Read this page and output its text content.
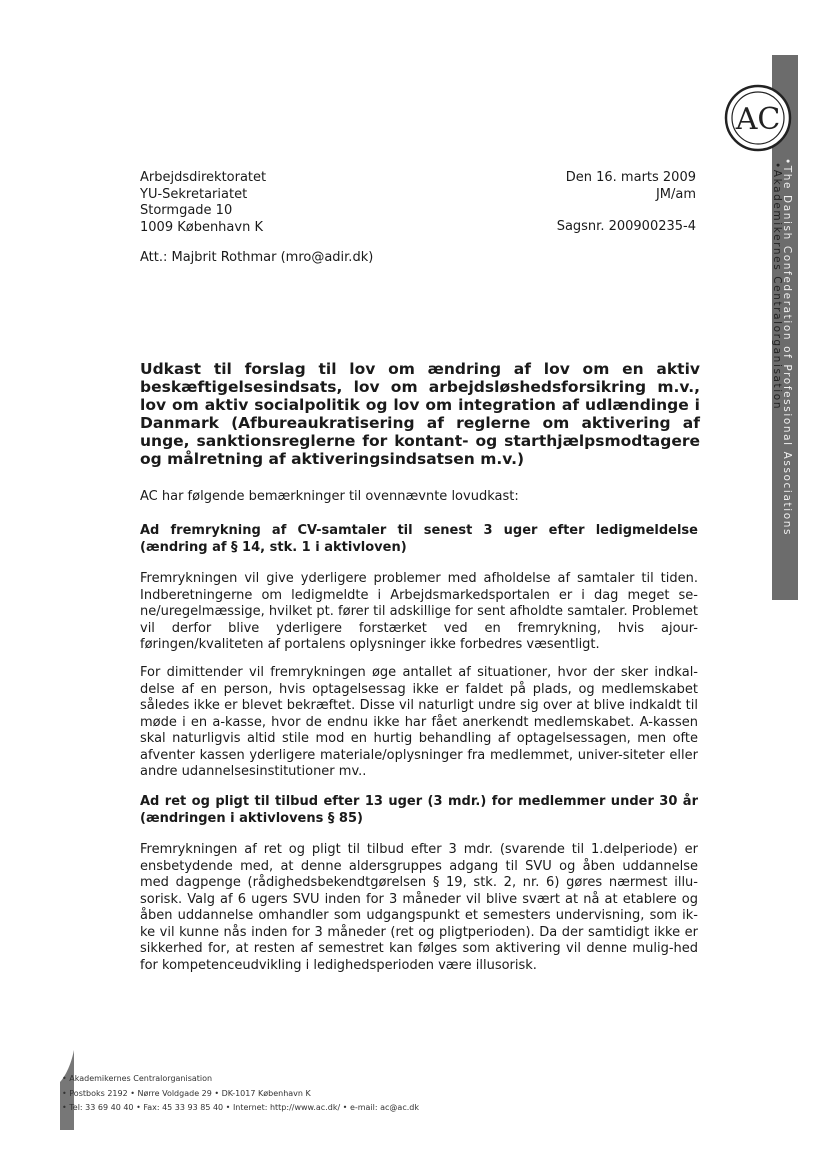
AC
•Akademikernes Centralorganisation
•The Danish Confederation of Professional Associations
Arbejdsdirektoratet
YU-Sekretariatet
Stormgade 10
1009 København K
Den 16. marts 2009
JM/am
Sagsnr. 200900235-4
Att.: Majbrit Rothmar (mro@adir.dk)
Udkast til forslag til lov om ændring af lov om en aktiv beskæftigelsesindsats, lov om arbejdsløshedsforsikring m.v., lov om aktiv socialpolitik og lov om integration af udlændinge i Danmark (Afbureaukratisering af reglerne om aktivering af unge, sanktionsreglerne for kontant- og starthjælpsmodtagere og målretning af aktiveringsindsatsen m.v.)
AC har følgende bemærkninger til ovennævnte lovudkast:
Ad fremrykning af CV-samtaler til senest 3 uger efter ledigmeldelse (ændring af § 14, stk. 1 i aktivloven)

Fremrykningen vil give yderligere problemer med afholdelse af samtaler til tiden. Indberetningerne om ledigmeldte i Arbejdsmarkedsportalen er i dag meget se-ne/uregelmæssige, hvilket pt. fører til adskillige for sent afholdte samtaler. Problemet vil derfor blive yderligere forstærket ved en fremrykning, hvis ajour-føringen/kvaliteten af portalens oplysninger ikke forbedres væsentligt.

For dimittender vil fremrykningen øge antallet af situationer, hvor der sker indkal-delse af en person, hvis optagelsessag ikke er faldet på plads, og medlemskabet således ikke er blevet bekræftet. Disse vil naturligt undre sig over at blive indkaldt til møde i en a-kasse, hvor de endnu ikke har fået anerkendt medlemskabet. A-kassen skal naturligvis altid stile mod en hurtig behandling af optagelsessagen, men ofte afventer kassen yderligere materiale/oplysninger fra medlemmet, univer-siteter eller andre udannelsesinstitutioner mv..

Ad ret og pligt til tilbud efter 13 uger (3 mdr.) for medlemmer under 30 år (ændringen i aktivlovens § 85)

Fremrykningen af ret og pligt til tilbud efter 3 mdr. (svarende til 1.delperiode) er ensbetydende med, at denne aldersgruppes adgang til SVU og åben uddannelse med dagpenge (rådighedsbekendtgørelsen § 19, stk. 2, nr. 6) gøres nærmest illu-sorisk. Valg af 6 ugers SVU inden for 3 måneder vil blive svært at nå at etablere og åben uddannelse omhandler som udgangspunkt et semesters undervisning, som ik-ke vil kunne nås inden for 3 måneder (ret og pligtperioden). Da der samtidigt ikke er sikkerhed for, at resten af semestret kan følges som aktivering vil denne mulig-hed for kompetenceudvikling i ledighedsperioden være illusorisk.

• Akademikernes Centralorganisation
• Postboks 2192 • Nørre Voldgade 29 • DK-1017 København K
• Tel: 33 69 40 40 • Fax: 45 33 93 85 40 • Internet: http://www.ac.dk/ • e-mail: ac@ac.dk
